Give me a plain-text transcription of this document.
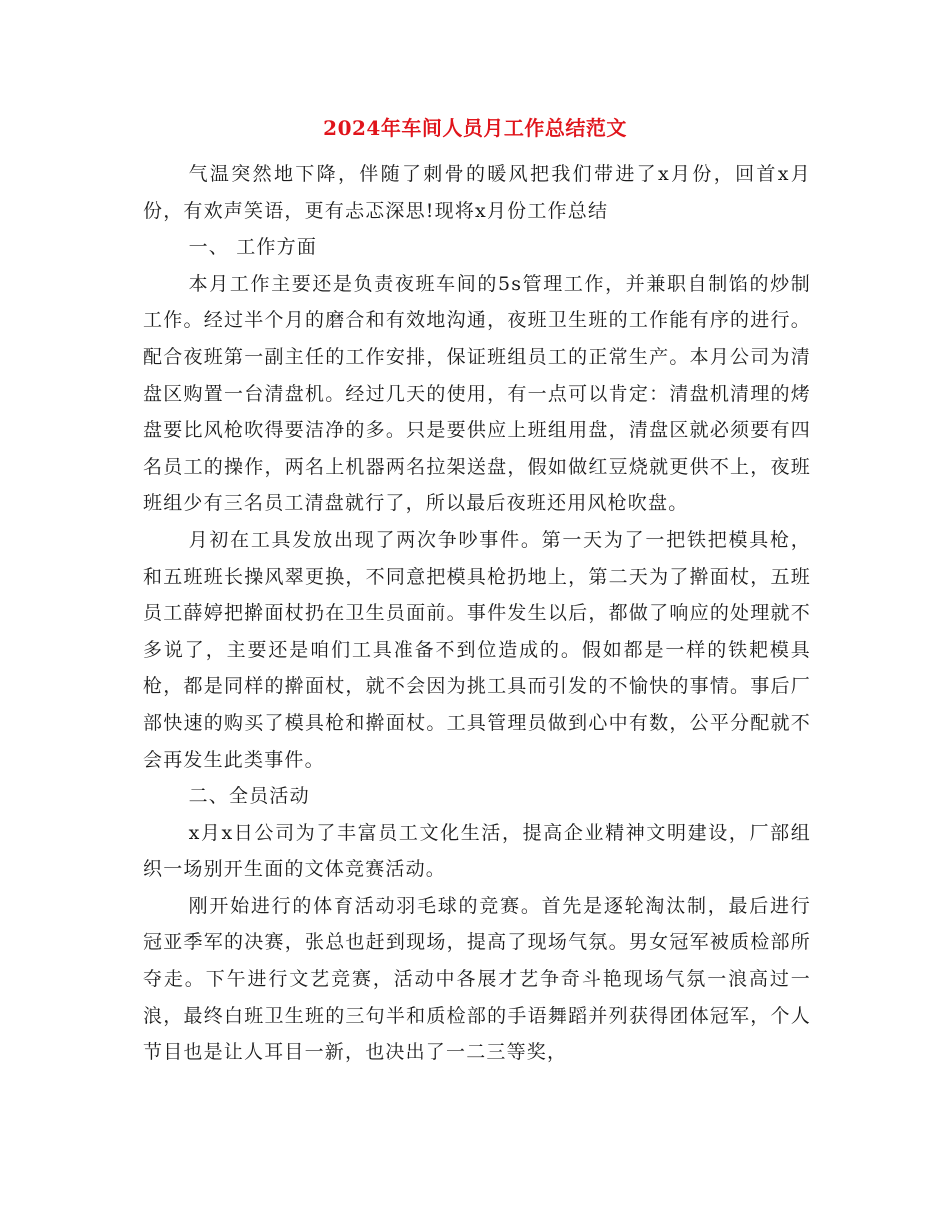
2024年车间人员月工作总结范文

气温突然地下降，伴随了刺骨的暖风把我们带进了x月份，回首x月份，有欢声笑语，更有忐忑深思!现将x月份工作总结

一、 工作方面

本月工作主要还是负责夜班车间的5s管理工作，并兼职自制馅的炒制工作。经过半个月的磨合和有效地沟通，夜班卫生班的工作能有序的进行。配合夜班第一副主任的工作安排，保证班组员工的正常生产。本月公司为清盘区购置一台清盘机。经过几天的使用，有一点可以肯定：清盘机清理的烤盘要比风枪吹得要洁净的多。只是要供应上班组用盘，清盘区就必须要有四名员工的操作，两名上机器两名拉架送盘，假如做红豆烧就更供不上，夜班班组少有三名员工清盘就行了，所以最后夜班还用风枪吹盘。

月初在工具发放出现了两次争吵事件。第一天为了一把铁把模具枪，和五班班长操风翠更换，不同意把模具枪扔地上，第二天为了擀面杖，五班员工薛婷把擀面杖扔在卫生员面前。事件发生以后，都做了响应的处理就不多说了，主要还是咱们工具准备不到位造成的。假如都是一样的铁耙模具枪，都是同样的擀面杖，就不会因为挑工具而引发的不愉快的事情。事后厂部快速的购买了模具枪和擀面杖。工具管理员做到心中有数，公平分配就不会再发生此类事件。

二、全员活动

x月x日公司为了丰富员工文化生活，提高企业精神文明建设，厂部组织一场别开生面的文体竞赛活动。

刚开始进行的体育活动羽毛球的竞赛。首先是逐轮淘汰制，最后进行冠亚季军的决赛，张总也赶到现场，提高了现场气氛。男女冠军被质检部所夺走。下午进行文艺竞赛，活动中各展才艺争奇斗艳现场气氛一浪高过一浪，最终白班卫生班的三句半和质检部的手语舞蹈并列获得团体冠军，个人节目也是让人耳目一新，也决出了一二三等奖，
